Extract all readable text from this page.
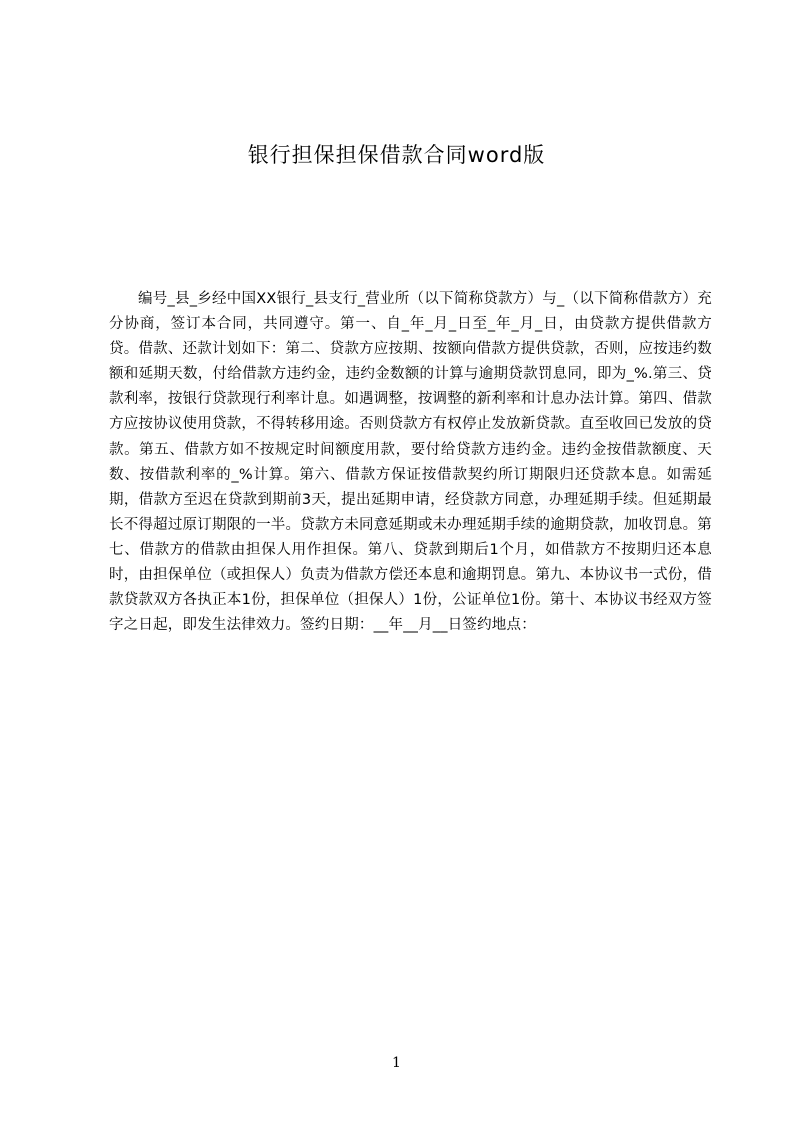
银行担保担保借款合同word版

编号_县_乡经中国XX银行_县支行_营业所（以下简称贷款方）与_（以下简称借款方）充分协商，签订本合同，共同遵守。第一、自_年_月_日至_年_月_日，由贷款方提供借款方贷。借款、还款计划如下：第二、贷款方应按期、按额向借款方提供贷款，否则，应按违约数额和延期天数，付给借款方违约金，违约金数额的计算与逾期贷款罚息同，即为_%.第三、贷款利率，按银行贷款现行利率计息。如遇调整，按调整的新利率和计息办法计算。第四、借款方应按协议使用贷款，不得转移用途。否则贷款方有权停止发放新贷款。直至收回已发放的贷款。第五、借款方如不按规定时间额度用款，要付给贷款方违约金。违约金按借款额度、天数、按借款利率的_%计算。第六、借款方保证按借款契约所订期限归还贷款本息。如需延期，借款方至迟在贷款到期前3天，提出延期申请，经贷款方同意，办理延期手续。但延期最长不得超过原订期限的一半。贷款方未同意延期或未办理延期手续的逾期贷款，加收罚息。第七、借款方的借款由担保人用作担保。第八、贷款到期后1个月，如借款方不按期归还本息时，由担保单位（或担保人）负责为借款方偿还本息和逾期罚息。第九、本协议书一式份，借款贷款双方各执正本1份，担保单位（担保人）1份，公证单位1份。第十、本协议书经双方签字之日起，即发生法律效力。签约日期：__年__月__日签约地点：

1
